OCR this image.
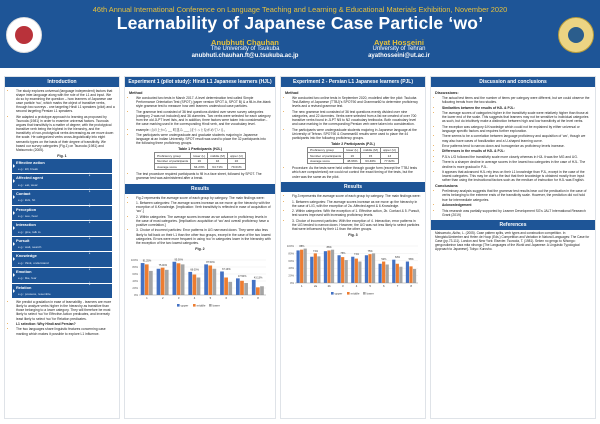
46th Annual International Conference on Language Teaching and Learning & Educational Materials Exhibition, November 2020
Learnability of Japanese Case Particle ‘wo’
Anubhuti Chauhan
The University of Tsukuba
anubhuti.chauhan.ft@u.tsukuba.ac.jp
Ayat Hosseini
University of Tehran
ayathosseini@ut.ac.ir
Introduction
• The study explores universal (language independent) factors that shape inter-language along with the role of the L1 and input. We do so by examining the question – how learners of Japanese use case particle ‘wo’, which marks the object of transitive verbs, through two surveys - one targeting Hindi L1 speakers (pilot) and a second targeting Persian L1 speakers.
• We adapted a prototype approach to learning as proposed by Tsunoda (1981) in order to examine universal factors. Tsunoda argues that transitivity is a matter of degree; with the prototypical transitive verb being the highest in the hierarchy, and the transitivity of non-prototypical verbs decreasing as we move down the scale. He categorized verbs cross-linguistically into eight semantic types on the basis of their degree of transitivity. We based our survey categories (Fig.1) on Tsunoda (1981) and Matsumoto (2005).
Fig. 1
Effective action
e.g.: kill, break
Affected agent
e.g.: eat, wear
↓
Contact
e.g.: kick, hit
↓
Perception
e.g.: see, hear
↓
Interaction
e.g.: give, talk to
↓
Pursuit
e.g.: wait, search
↓
Knowledge
e.g.: think, understand
↓
Emotion
e.g.: like, fear
↓
Relation
e.g.: possess, resemble
↓
• We predict a gradation in ease of learnability - learners are more likely to analyze verbs higher in the hierarchy as transitive than those belonging to a lower category. They will therefore be most likely to select ‘wo’ for Effective Action predicates, and inversely least likely to select ‘wo’ for Relation predicates.
• L1 selection: Why Hindi and Persian?
• The two languages share linguistic features concerning case marking which makes it possible to explore L1 influence.
Experiment 1 (pilot study): Hindi L1 Japanese learners (HJL)
Method
• We conducted two tests in March 2017. A level determination test called Simple Performance Orientation Test (SPOT) (paper version SPOT A, SPOT B) & a fill-in-the-blank style grammar test to measure how well learners understood case particles.
• The grammar test consisted of 36 test questions divided over seven survey categories (category 2 was not included) and 36 dummies. Two verbs were selected for each category from the old JLPT level lists, and in addition, three factors were taken into consideration - the case marking used in the corresponding Hindi verb, and the vocabulary level.
• example: 山の上から __ 町並み ___ ぼうっとながめている。
• The participants were undergraduate and graduate students majoring in Japanese language at an Indian University. SPOT result was used to place the 32 participants into the following three proficiency groups.
Table 1 Participants (HJL)
Proficiency group	lower (L)	middle (M)	upper (U)
Number of participants	16	16	16
Average score	64.23%	64.71%	79.01%
• The test procedure required participants to fill in a face sheet, followed by SPOT. The grammar test was administered after a break.
Results
• Fig.2 represents the average score of each group by category. The main findings were:
• 1. Between categories: The average scores increase as we move up the hierarchy with the exception of 6.Knowledge. [Implication: Verb transitivity is reflected in ease of acquisition of ‘wo’.]
• 2. Within categories: The average scores increase as we advance in proficiency levels in the case of most categories. [Implication: acquisition of ‘wo’ and overall proficiency have a positive correlation.]
• 3. Choice of incorrect particles: Error patterns in UG narrowed down. They were also less likely to fall back on their L1 than the other two groups, except in the case of the two lowest categories. Errors were more frequent in using ‘wo’ in categories lower in the hierarchy with the exception of the two lowest categories.
Fig. 2
0%
20%
40%
60%
80%
100% 91.25%
1
75.00%
2
95.00%
3
66.00%
4
87.50%
5
67.19%
6
47.50%
7
43.13%
8
upper	middle lower
Experiment 2 - Persian L1 Japanese learners (PJL)
Method
• We conducted two online tests in September 2020, modelled after the pilot: Tsukuba Test-Battery of Japanese (TTBJ)’s SPOT90 and Grammar60 to determine proficiency levels and a revised grammar test.
• The new grammar test consisted of 36 test questions evenly divided over nine categories, and 22 dummies. Verbs were selected from a list we created of over 700 transitive verbs found in JLPT N5 to N2 vocabulary textbooks. Both vocabulary level and case marking in the corresponding Persian verb were taken into consideration.
• The participants were undergraduate students majoring in Japanese language at the University of Tehran. SPOT90 & Grammar60 results were used to place the 44 participants into the following proficiency groups.
Table 2 Participants (PJL)
Proficiency group	lower (L)	middle (M)	upper (U)
Number of participants	16	15	13
Average score	48.66%	63.46%	77.62%
• Procedure: As the tests were held online through google form (except the TTBJ tests which are computerized) we could not control the exact timing of the tests, but the order was the same as the pilot.
Results
• Fig.3 represents the average score of each group by category. The main findings were:
• 1. Between categories: The average scores increase as we move up the hierarchy in the case of L/G, with the exception of 2a. Affected agent & 6.Knowledge.
• 2. Within categories: With the exception of 1. Effective action, 2b. Contact & 5. Pursuit, test scores improved with increasing proficiency levels.
• 3. Choice of incorrect particles: With the exception of 4. Interaction, error patterns in the UG tended to narrow down. However, the UG was not less likely to select particles that were influenced by their L1 than the other groups.
Fig. 3
0%
20%
40%
60%
80%
100% 88%
1
71%
2a
86%
2b
75%
3
71%
4
75%
5
52%
6
63%
7
58%
8
upper	middle lower
Discussion and conclusions
Discussions:
• The actual test items and the number of items per category were different, but we could observe the following trends from the two studies.
• Similarities between the results of HJL & PJL:
• The average scores of categories higher in the transitivity scale were relatively higher than those at the lower end of the scale. This suggests that learners may not be sensitive to individual categories as such, but do intuitively make a distinction between high and low transitivity at the level verbs.
• The exception was category 6.Knowledge which could not be explained by either universal or language specific factors and requires further exploration.
• There seems to be a correlation between language proficiency and acquisition of ‘wo’, though we may also have cases of fossilization and a U-shaped learning curve.
• Error patterns tend to narrow down and homogenize as proficiency levels increase.
• Differences in the results of HJL & PJL:
• PJL’s L/G followed the transitivity scale more closely whereas in HJL it was the MG and UG.
• There is a sharper decline in average scores in the lowest two categories in the case of HJL. The decline is more gradual in PJL.
• It appears that advanced HJL rely less on their L1 knowledge than PJL, except in the case of the lowest categories. This may be due to the fact that their knowledge is obtained mostly from input rather than using the instructional factors such as the medium of instruction for HJL was English.
Conclusions
• Preliminary analysis suggests that the grammar test results bear out the predication in the case of verbs belonging to the extreme ends of the transitivity scale. However, the prediction did not hold true for intermediate categories.
• Acknowledgement
• This research was partially supported by Leamer Development SG's JALT International Research Grant (2019)
References

Matsumoto, Akiho, L. (2005). Case pattern splits, verb types and construction competition. In Mengistu/Amberber and Helen de Hoop (Eds.) Competition and Variation in Natural Languages: The Case for Case (pp.73-111). London and New York: Elsevier. Tsunoda, T. (1981). Seken no gengo to Nihongo: gengoruikeiron kara mita nihongo [The Languages of the World and Japanese: A Linguistic Typological Approach to Japanese]. Tokyo: Kurosho.
